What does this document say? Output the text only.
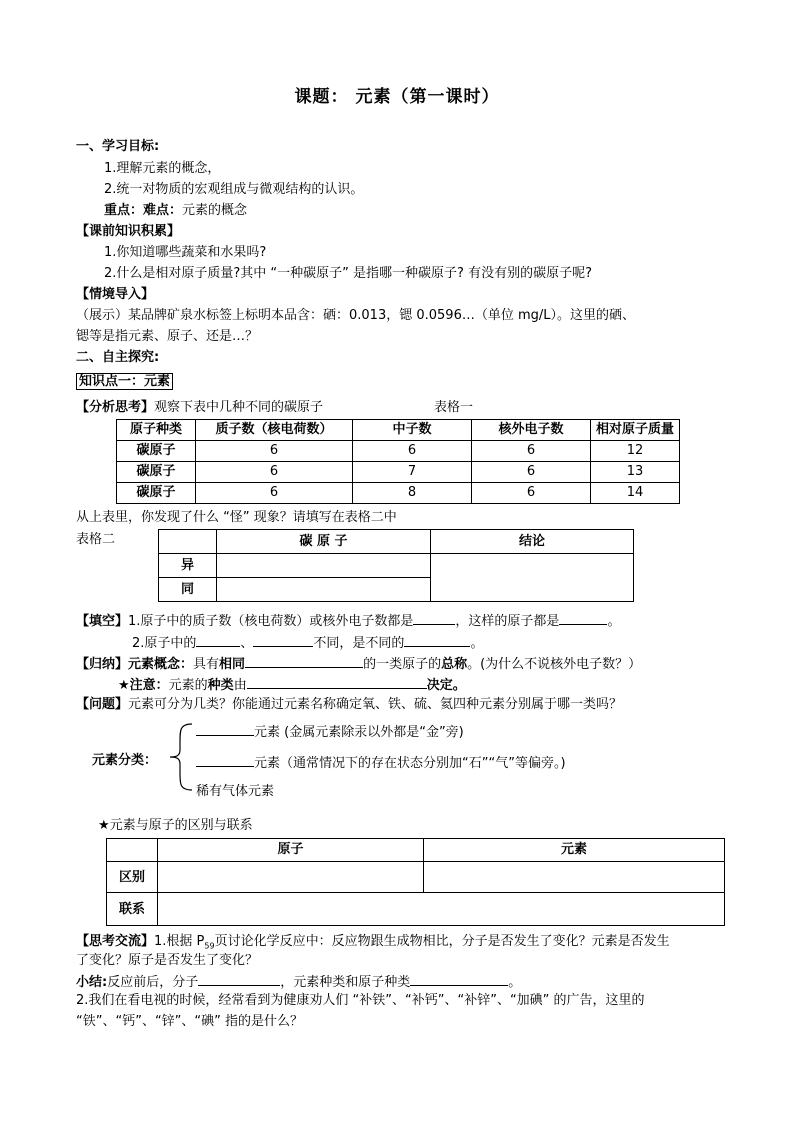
课题： 元素（第一课时）
一、学习目标:
1.理解元素的概念，
2.统一对物质的宏观组成与微观结构的认识。
重点：难点：元素的概念
【课前知识积累】
1.你知道哪些蔬菜和水果吗?
2.什么是相对原子质量?其中 “一种碳原子” 是指哪一种碳原子? 有没有别的碳原子呢?
【情境导入】
（展示）某品牌矿泉水标签上标明本品含：硒：0.013，锶 0.0596…（单位 mg/L）。这里的硒、
锶等是指元素、原子、还是…？
二、自主探究:
知识点一：元素
【分析思考】观察下表中几种不同的碳原子	表格一
原子种类	质子数（核电荷数）	中子数	核外电子数	相对原子质量
碳原子	6	6	6	12
碳原子	6	7	6	13
碳原子	6	8	6	14
从上表里，你发现了什么 “怪” 现象？请填写在表格二中
表格二
		碳 原 子	结论
异		
同		
【填空】1.原子中的质子数（核电荷数）或核外电子数都是	，这样的原子都是	。
2.原子中的	、	不同，是不同的	。
【归纳】元素概念：具有相同	的一类原子的总称。(为什么不说核外电子数？）
★注意：元素的种类由	决定。
【问题】元素可分为几类？你能通过元素名称确定氧、铁、硫、氦四种元素分别属于哪一类吗？
元素分类：
元素 (金属元素除汞以外都是“金”旁)
元素（通常情况下的存在状态分别加“石”“气”等偏旁。)
稀有气体元素
★元素与原子的区别与联系
	原子	元素
区别		
联系		
【思考交流】1.根据 $P_{59}$页讨论化学反应中：反应物跟生成物相比，分子是否发生了变化？元素是否发生
了变化？原子是否发生了变化？
小结:反应前后，分子	，元素种类和原子种类	。
2.我们在看电视的时候，经常看到为健康劝人们 “补铁”、“补钙”、“补锌”、“加碘” 的广告，这里的
“铁”、“钙”、“锌”、“碘” 指的是什么？
